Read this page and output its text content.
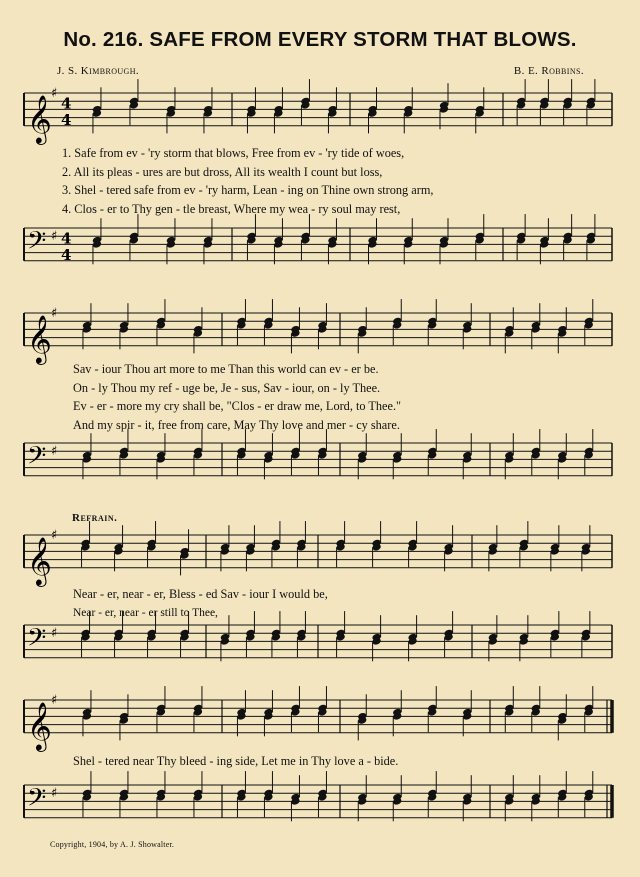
No. 216. SAFE FROM EVERY STORM THAT BLOWS.
J. S. Kimbrough.	B. E. Robbins.
𝄞
♯
4
4
1. Safe from ev - 'ry storm that blows, Free from ev - 'ry tide of woes,
2. All its pleas - ures are but dross, All its wealth I count but loss,
3. Shel - tered safe from ev - 'ry harm, Lean - ing on Thine own strong arm,
4. Clos - er to Thy gen - tle breast, Where my wea - ry soul may rest,
𝄢 ♯ 4
4
𝄞
♯
Sav - iour Thou art more to me Than this world can ev - er be.
On - ly Thou my ref - uge be, Je - sus, Sav - iour, on - ly Thee.
Ev - er - more my cry shall be, "Clos - er draw me, Lord, to Thee."
And my spir - it, free from care, May Thy love and mer - cy share.
𝄢 ♯
Refrain.
𝄞
♯
Near - er, near - er, Bless - ed Sav - iour I would be,
Near - er, near - er still to Thee,
𝄢 ♯
𝄞
♯
Shel - tered near Thy bleed - ing side, Let me in Thy love a - bide.
𝄢 ♯
Copyright, 1904, by A. J. Showalter.
